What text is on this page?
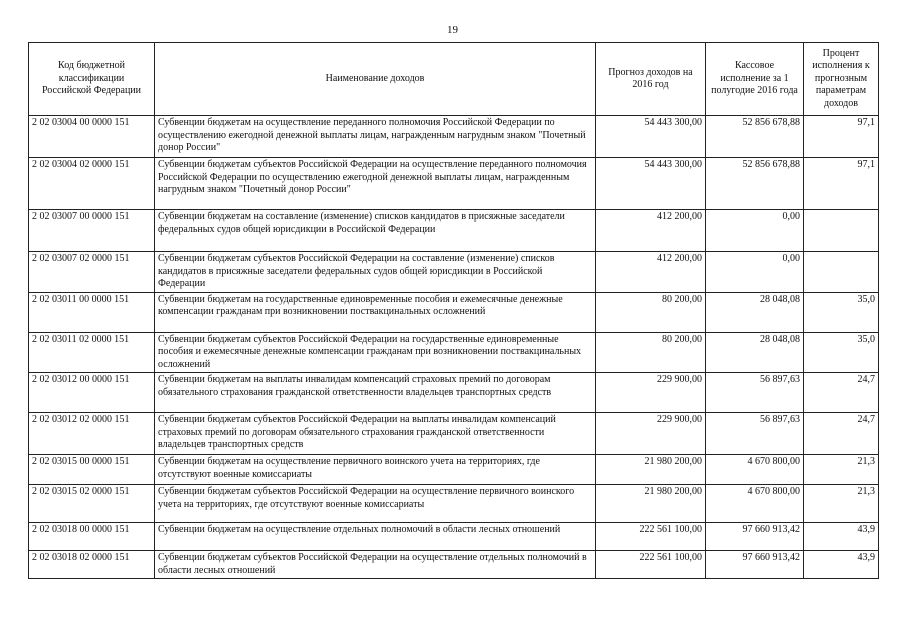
19
Код бюджетной классификации Российской Федерации	Наименование доходов	Прогноз доходов на 2016 год	Кассовое исполнение за 1 полугодие 2016 года	Процент исполнения к прогнозным параметрам доходов
2 02 03004 00 0000 151	Субвенции бюджетам на осуществление переданного полномочия Российской Федерации по осуществлению ежегодной денежной выплаты лицам, награжденным нагрудным знаком "Почетный донор России"	54 443 300,00	52 856 678,88	97,1
2 02 03004 02 0000 151	Субвенции бюджетам субъектов Российской Федерации на осуществление переданного полномочия Российской Федерации по осуществлению ежегодной денежной выплаты лицам, награжденным нагрудным знаком "Почетный донор России"	54 443 300,00	52 856 678,88	97,1
2 02 03007 00 0000 151	Субвенции бюджетам на составление (изменение) списков кандидатов в присяжные заседатели федеральных судов общей юрисдикции в Российской Федерации	412 200,00	0,00	
2 02 03007 02 0000 151	Субвенции бюджетам субъектов Российской Федерации на составление (изменение) списков кандидатов в присяжные заседатели федеральных судов общей юрисдикции в Российской Федерации	412 200,00	0,00	
2 02 03011 00 0000 151	Субвенции бюджетам на государственные единовременные пособия и ежемесячные денежные компенсации гражданам при возникновении поствакцинальных осложнений	80 200,00	28 048,08	35,0
2 02 03011 02 0000 151	Субвенции бюджетам субъектов Российской Федерации на государственные единовременные пособия и ежемесячные денежные компенсации гражданам при возникновении поствакцинальных осложнений	80 200,00	28 048,08	35,0
2 02 03012 00 0000 151	Субвенции бюджетам на выплаты инвалидам компенсаций страховых премий по договорам обязательного страхования гражданской ответственности владельцев транспортных средств	229 900,00	56 897,63	24,7
2 02 03012 02 0000 151	Субвенции бюджетам субъектов Российской Федерации на выплаты инвалидам компенсаций страховых премий по договорам обязательного страхования гражданской ответственности владельцев транспортных средств	229 900,00	56 897,63	24,7
2 02 03015 00 0000 151	Субвенции бюджетам на осуществление первичного воинского учета на территориях, где отсутствуют военные комиссариаты	21 980 200,00	4 670 800,00	21,3
2 02 03015 02 0000 151	Субвенции бюджетам субъектов Российской Федерации на осуществление первичного воинского учета на территориях, где отсутствуют военные комиссариаты	21 980 200,00	4 670 800,00	21,3
2 02 03018 00 0000 151	Субвенции бюджетам на осуществление отдельных полномочий в области лесных отношений	222 561 100,00	97 660 913,42	43,9
2 02 03018 02 0000 151	Субвенции бюджетам субъектов Российской Федерации на осуществление отдельных полномочий в области лесных отношений	222 561 100,00	97 660 913,42	43,9
